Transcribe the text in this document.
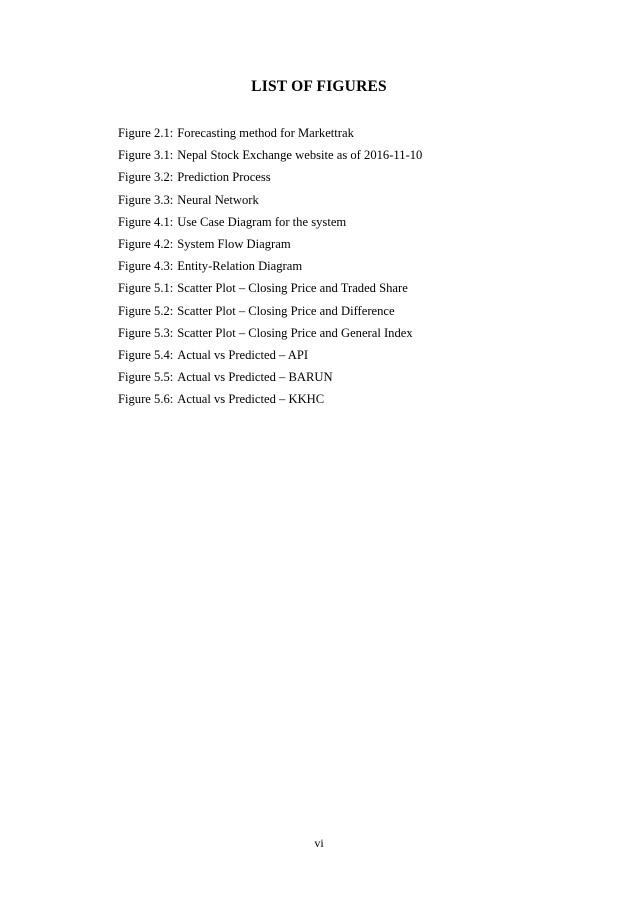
LIST OF FIGURES
Figure 2.1: Forecasting method for Markettrak
Figure 3.1: Nepal Stock Exchange website as of 2016-11-10
Figure 3.2: Prediction Process
Figure 3.3: Neural Network
Figure 4.1: Use Case Diagram for the system
Figure 4.2: System Flow Diagram
Figure 4.3: Entity-Relation Diagram
Figure 5.1: Scatter Plot – Closing Price and Traded Share
Figure 5.2: Scatter Plot – Closing Price and Difference
Figure 5.3: Scatter Plot – Closing Price and General Index
Figure 5.4: Actual vs Predicted – API
Figure 5.5: Actual vs Predicted – BARUN
Figure 5.6: Actual vs Predicted – KKHC
vi
